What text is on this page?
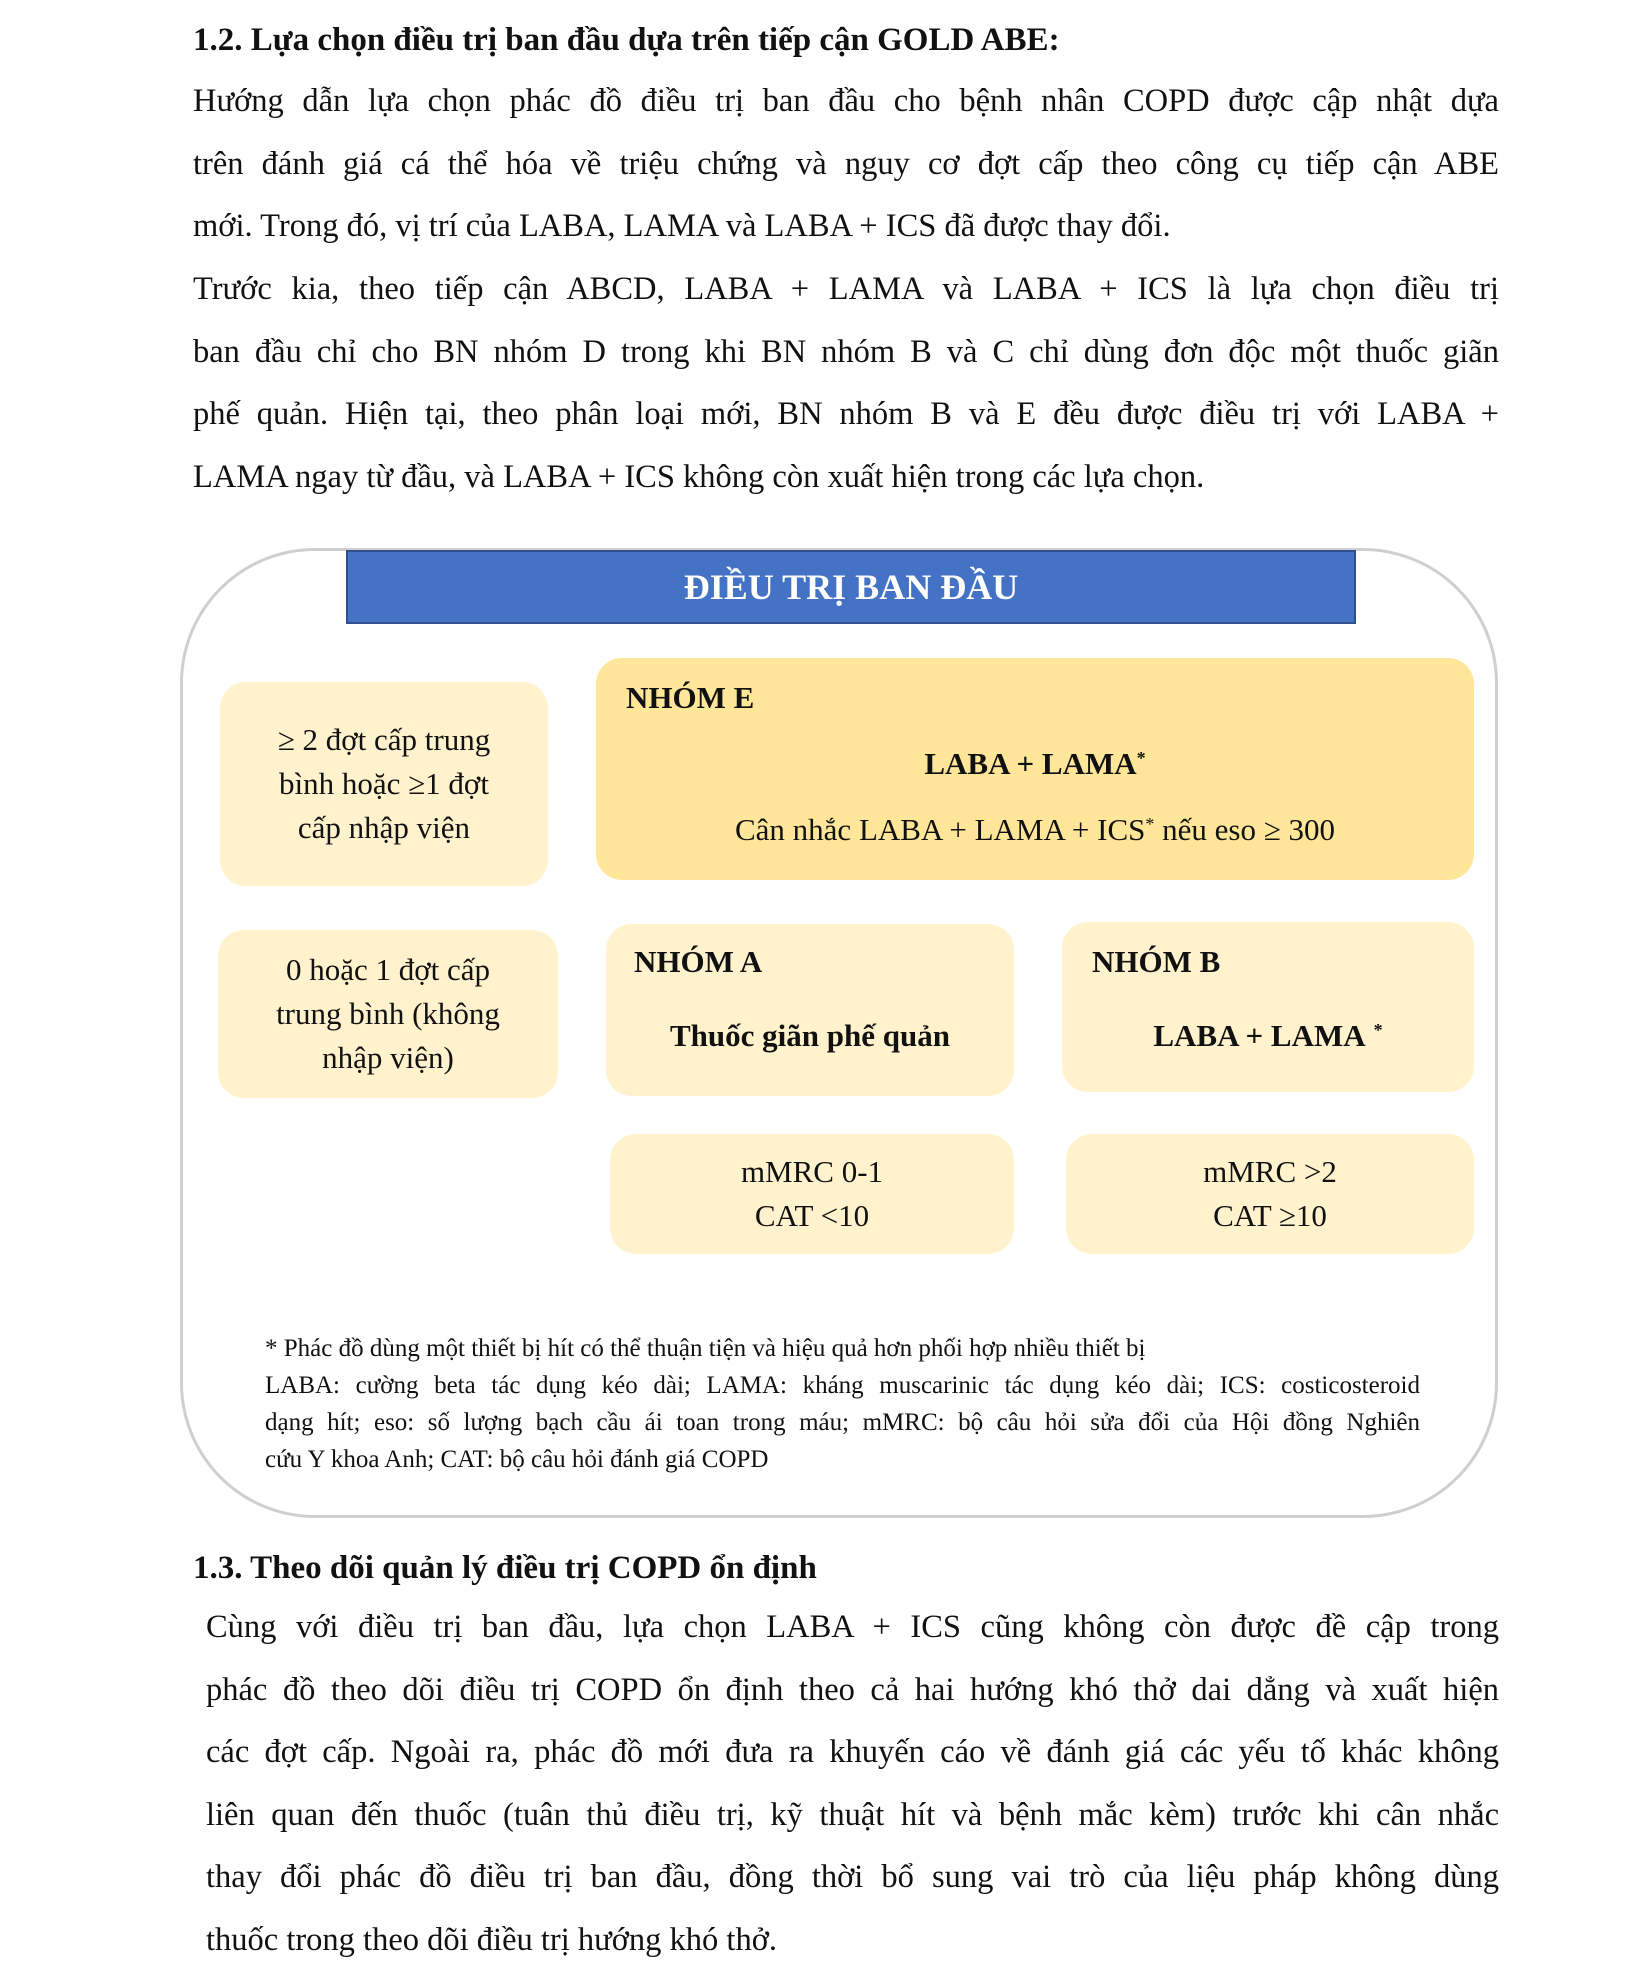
1.2. Lựa chọn điều trị ban đầu dựa trên tiếp cận GOLD ABE:
Hướng dẫn lựa chọn phác đồ điều trị ban đầu cho bệnh nhân COPD được cập nhật dựa
trên đánh giá cá thể hóa về triệu chứng và nguy cơ đợt cấp theo công cụ tiếp cận ABE
mới. Trong đó, vị trí của LABA, LAMA và LABA + ICS đã được thay đổi.
Trước kia, theo tiếp cận ABCD, LABA + LAMA và LABA + ICS là lựa chọn điều trị
ban đầu chỉ cho BN nhóm D trong khi BN nhóm B và C chỉ dùng đơn độc một thuốc giãn
phế quản. Hiện tại, theo phân loại mới, BN nhóm B và E đều được điều trị với LABA +
LAMA ngay từ đầu, và LABA + ICS không còn xuất hiện trong các lựa chọn.
ĐIỀU TRỊ BAN ĐẦU
≥ 2 đợt cấp trung
bình hoặc ≥1 đợt
cấp nhập viện
NHÓM E
LABA + LAMA*
Cân nhắc LABA + LAMA + ICS* nếu eso ≥ 300
0 hoặc 1 đợt cấp
trung bình (không
nhập viện)
NHÓM A
Thuốc giãn phế quản
NHÓM B
LABA + LAMA *
mMRC 0-1
CAT <10
mMRC >2
CAT ≥10
* Phác đồ dùng một thiết bị hít có thể thuận tiện và hiệu quả hơn phối hợp nhiều thiết bị
LABA: cường beta tác dụng kéo dài; LAMA: kháng muscarinic tác dụng kéo dài; ICS: costicosteroid
dạng hít; eso: số lượng bạch cầu ái toan trong máu; mMRC: bộ câu hỏi sửa đổi của Hội đồng Nghiên
cứu Y khoa Anh; CAT: bộ câu hỏi đánh giá COPD
1.3. Theo dõi quản lý điều trị COPD ổn định
Cùng với điều trị ban đầu, lựa chọn LABA + ICS cũng không còn được đề cập trong
phác đồ theo dõi điều trị COPD ổn định theo cả hai hướng khó thở dai dẳng và xuất hiện
các đợt cấp. Ngoài ra, phác đồ mới đưa ra khuyến cáo về đánh giá các yếu tố khác không
liên quan đến thuốc (tuân thủ điều trị, kỹ thuật hít và bệnh mắc kèm) trước khi cân nhắc
thay đổi phác đồ điều trị ban đầu, đồng thời bổ sung vai trò của liệu pháp không dùng
thuốc trong theo dõi điều trị hướng khó thở.
